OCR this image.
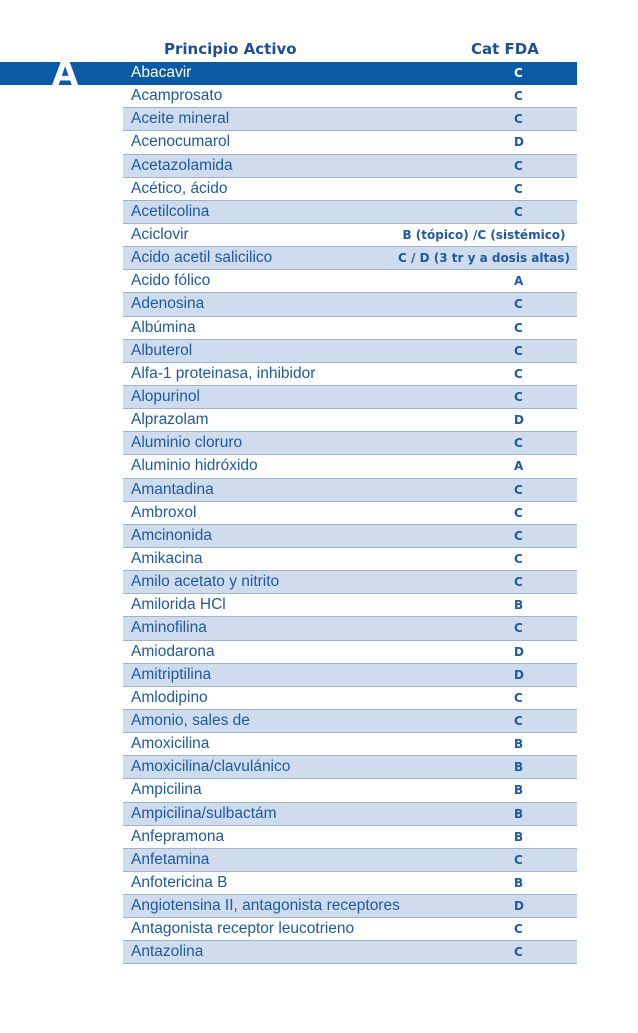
Principio Activo	Cat FDA
A	Abacavir	C
Acamprosato	C
Aceite mineral	C
Acenocumarol	D
Acetazolamida	C
Acético, ácido	C
Acetilcolina	C
Aciclovir	B (tópico) /C (sistémico)
Acido acetil salicilico	C / D (3 tr y a dosis altas)
Acido fólico	A
Adenosina	C
Albúmina	C
Albuterol	C
Alfa-1 proteinasa, inhibidor	C
Alopurinol	C
Alprazolam	D
Aluminio cloruro	C
Aluminio hidróxido	A
Amantadina	C
Ambroxol	C
Amcinonida	C
Amikacina	C
Amilo acetato y nitrito	C
Amilorida HCl	B
Aminofilina	C
Amiodarona	D
Amitriptilina	D
Amlodipino	C
Amonio, sales de	C
Amoxicilina	B
Amoxicilina/clavulánico	B
Ampicilina	B
Ampicilina/sulbactám	B
Anfepramona	B
Anfetamina	C
Anfotericina B	B
Angiotensina II, antagonista receptores	D
Antagonista receptor leucotrieno	C
Antazolina	C
